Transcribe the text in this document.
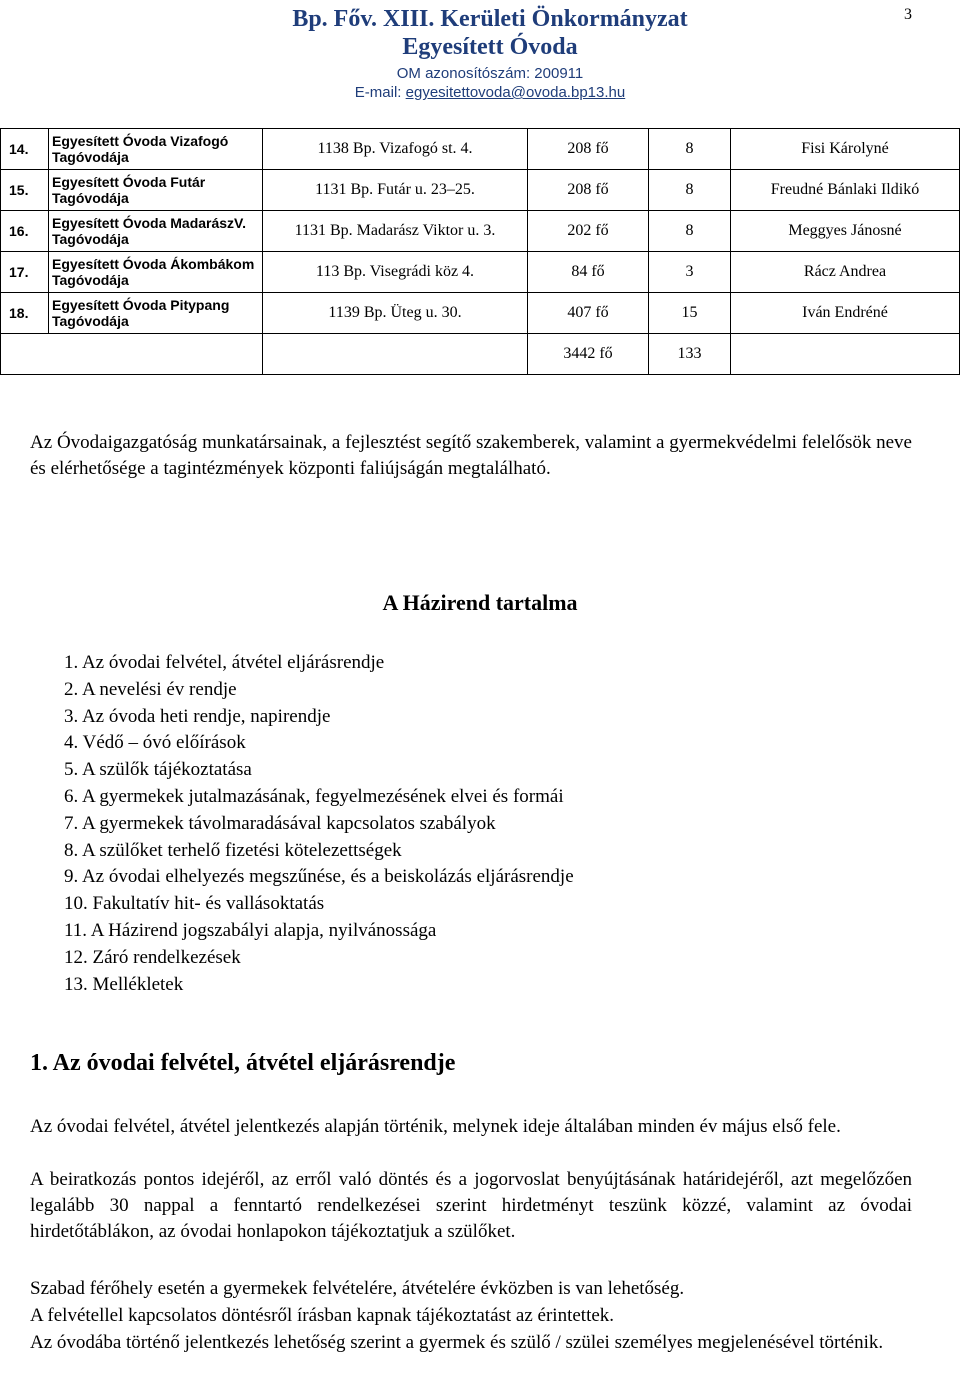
Bp. Főv. XIII. Kerületi Önkormányzat
Egyesített Óvoda
OM azonosítószám: 200911
E-mail: egyesitettovoda@ovoda.bp13.hu
3
14.	Egyesített Óvoda Vizafogó Tagóvodája	1138 Bp. Vizafogó st. 4.	208 fő	8	Fisi Károlyné
15.	Egyesített Óvoda Futár Tagóvodája	1131 Bp. Futár u. 23–25.	208 fő	8	Freudné Bánlaki Ildikó
16.	Egyesített Óvoda MadarászV. Tagóvodája	1131 Bp. Madarász Viktor u. 3.	202 fő	8	Meggyes Jánosné
17.	Egyesített Óvoda Ákombákom Tagóvodája	113 Bp. Visegrádi köz 4.	84 fő	3	Rácz Andrea
18.	Egyesített Óvoda Pitypang Tagóvodája	1139 Bp. Üteg u. 30.	407 fő	15	Iván Endréné
			3442 fő	133	

Az Óvodaigazgatóság munkatársainak, a fejlesztést segítő szakemberek, valamint a gyermekvédelmi felelősök neve és elérhetősége a tagintézmények központi faliújságán megtalálható.

A Házirend tartalma
1. Az óvodai felvétel, átvétel eljárásrendje
2. A nevelési év rendje
3. Az óvoda heti rendje, napirendje
4. Védő – óvó előírások
5. A szülők tájékoztatása
6. A gyermekek jutalmazásának, fegyelmezésének elvei és formái
7. A gyermekek távolmaradásával kapcsolatos szabályok
8. A szülőket terhelő fizetési kötelezettségek
9. Az óvodai elhelyezés megszűnése, és a beiskolázás eljárásrendje
10. Fakultatív hit- és vallásoktatás
11. A Házirend jogszabályi alapja, nyilvánossága
12. Záró rendelkezések
13. Mellékletek
1. Az óvodai felvétel, átvétel eljárásrendje

Az óvodai felvétel, átvétel jelentkezés alapján történik, melynek ideje általában minden év május első fele.

A beiratkozás pontos idejéről, az erről való döntés és a jogorvoslat benyújtásának határidejéről, azt megelőzően legalább 30 nappal a fenntartó rendelkezései szerint hirdetményt teszünk közzé, valamint az óvodai hirdetőtáblákon, az óvodai honlapokon tájékoztatjuk a szülőket.

Szabad férőhely esetén a gyermekek felvételére, átvételére évközben is van lehetőség.

A felvétellel kapcsolatos döntésről írásban kapnak tájékoztatást az érintettek.

Az óvodába történő jelentkezés lehetőség szerint a gyermek és szülő / szülei személyes megjelenésével történik.
